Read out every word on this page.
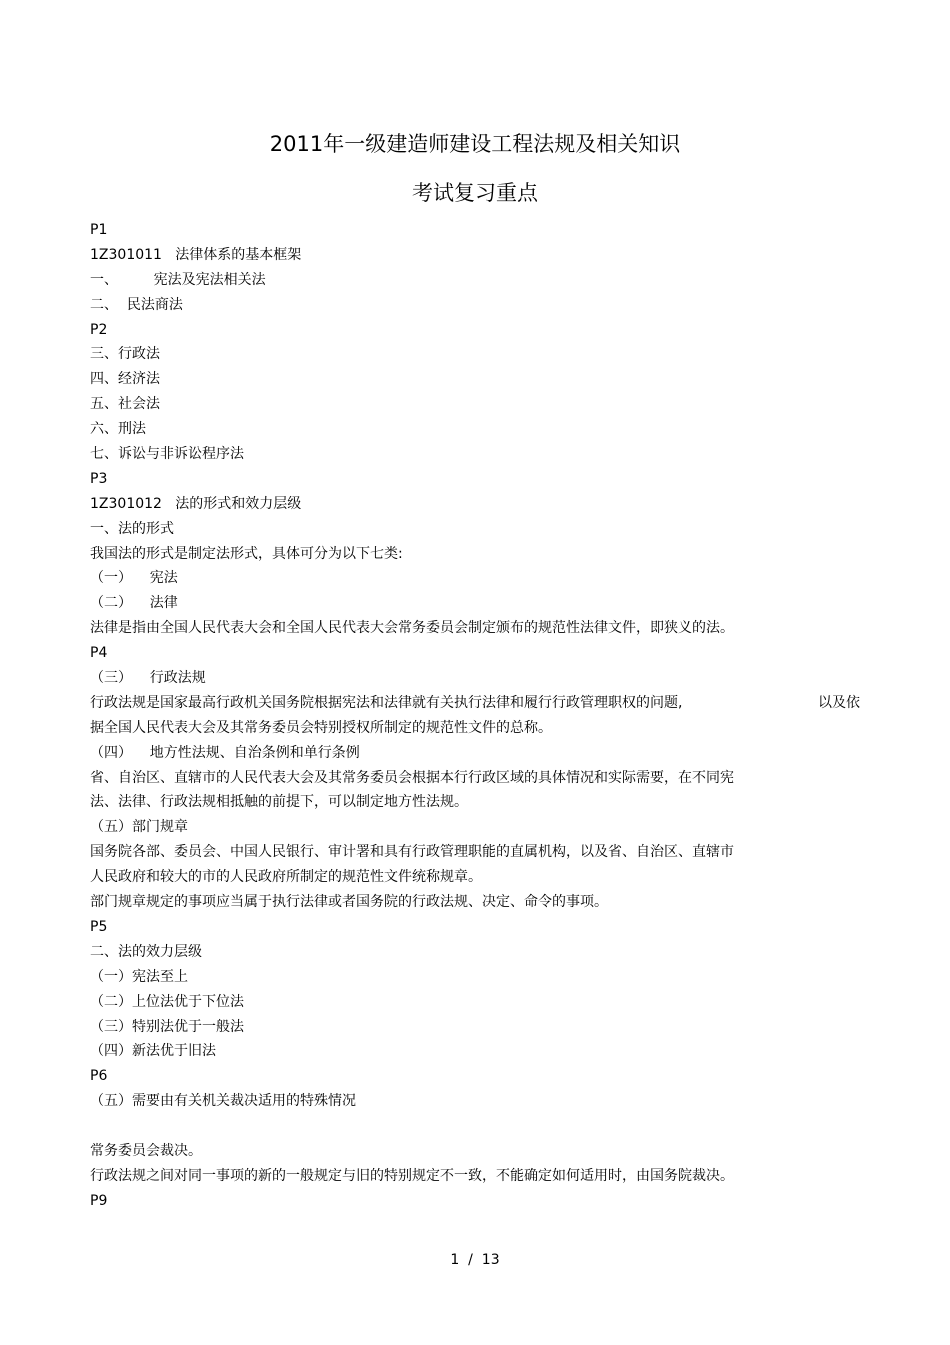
2011年一级建造师建设工程法规及相关知识
考试复习重点
P1
1Z301011   法律体系的基本框架
一、        宪法及宪法相关法
二、  民法商法
P2
三、行政法
四、经济法
五、社会法
六、刑法
七、诉讼与非诉讼程序法
P3
1Z301012   法的形式和效力层级
一、法的形式
我国法的形式是制定法形式，具体可分为以下七类:
（一）    宪法
（二）    法律
法律是指由全国人民代表大会和全国人民代表大会常务委员会制定颁布的规范性法律文件，即狭义的法。
P4
（三）    行政法规
行政法规是国家最高行政机关国务院根据宪法和法律就有关执行法律和履行行政管理职权的问题,	以及依
据全国人民代表大会及其常务委员会特别授权所制定的规范性文件的总称。
（四）    地方性法规、自治条例和单行条例
省、自治区、直辖市的人民代表大会及其常务委员会根据本行行政区域的具体情况和实际需要，在不同宪
法、法律、行政法规相抵触的前提下，可以制定地方性法规。
（五）部门规章
国务院各部、委员会、中国人民银行、审计署和具有行政管理职能的直属机构，以及省、自治区、直辖市
人民政府和较大的市的人民政府所制定的规范性文件统称规章。
部门规章规定的事项应当属于执行法律或者国务院的行政法规、决定、命令的事项。
P5
二、法的效力层级
（一）宪法至上
（二）上位法优于下位法
（三）特别法优于一般法
（四）新法优于旧法
P6
（五）需要由有关机关裁决适用的特殊情况

常务委员会裁决。
行政法规之间对同一事项的新的一般规定与旧的特别规定不一致，不能确定如何适用时，由国务院裁决。
P9
1  /  13
